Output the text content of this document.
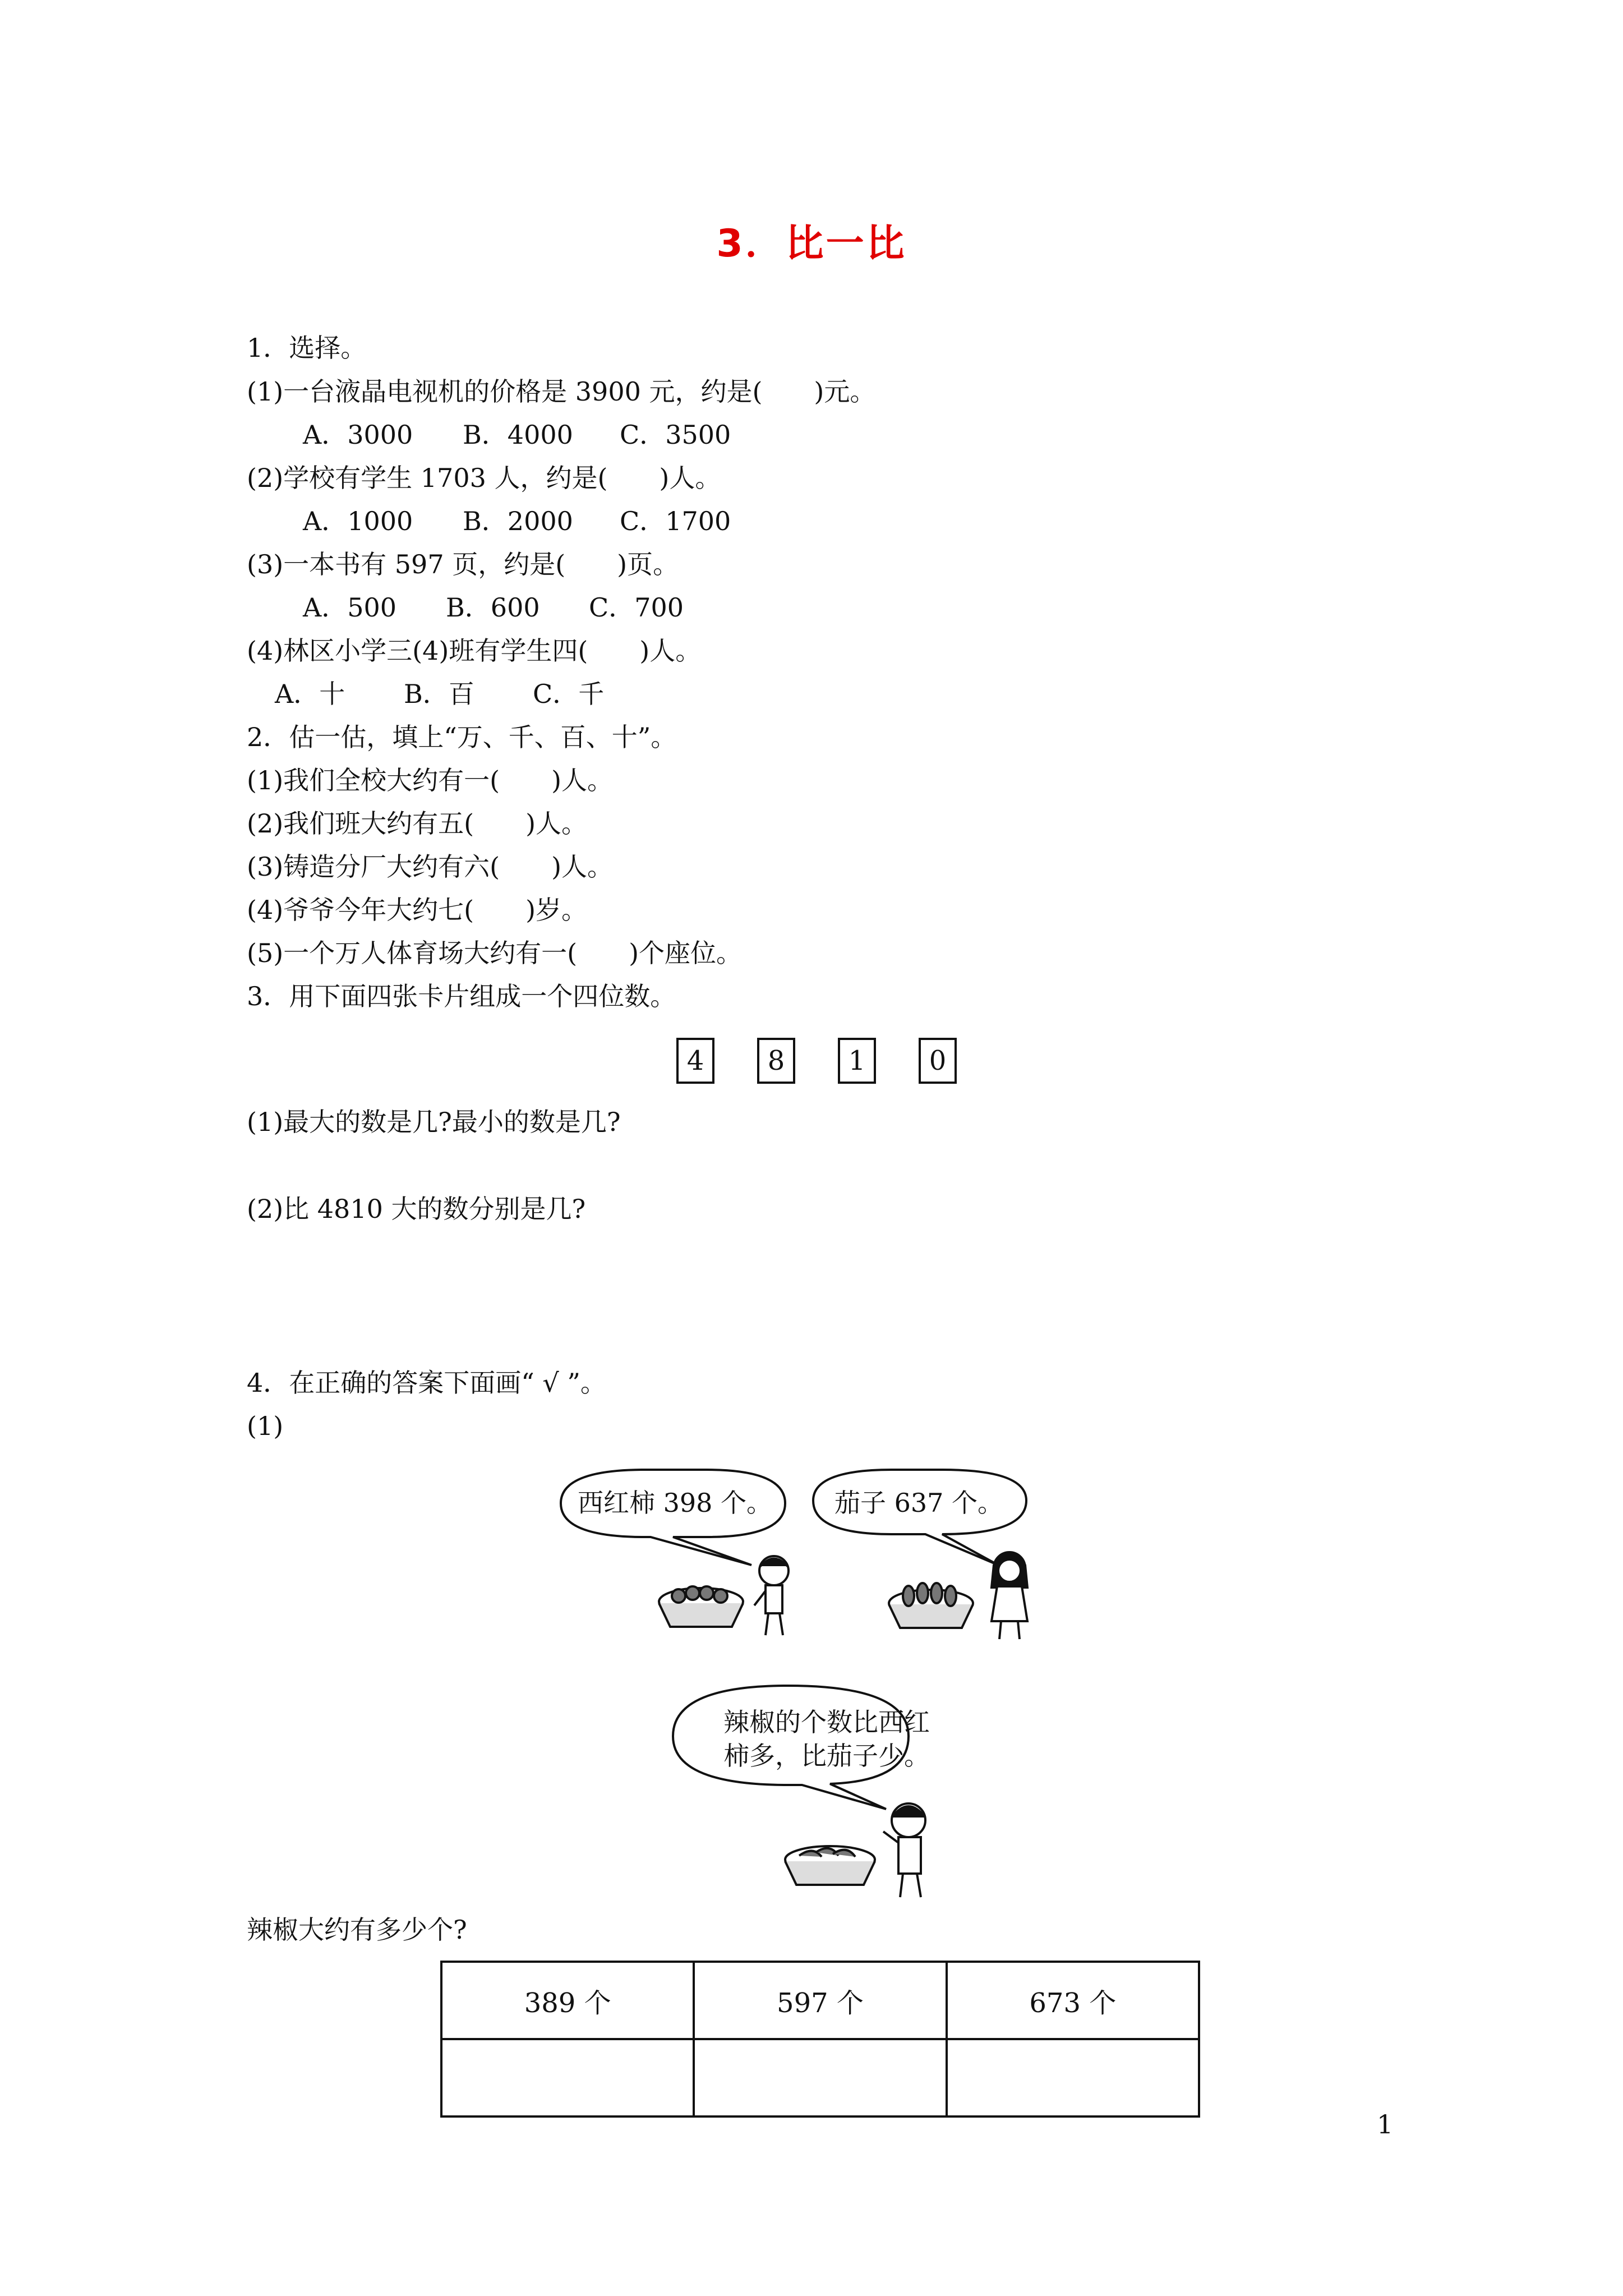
3．比一比
1．选择。
(1)一台液晶电视机的价格是 3900 元，约是(　　)元。
A．3000 B．4000 C．3500
(2)学校有学生 1703 人，约是(　　)人。
A．1000 B．2000 C．1700
(3)一本书有 597 页，约是(　　)页。
A．500 B．600 C．700
(4)林区小学三(4)班有学生四(　　)人。
A．十 B．百 C．千
2．估一估，填上“万、千、百、十”。
(1)我们全校大约有一(　　)人。
(2)我们班大约有五(　　)人。
(3)铸造分厂大约有六(　　)人。
(4)爷爷今年大约七(　　)岁。
(5)一个万人体育场大约有一(　　)个座位。
3．用下面四张卡片组成一个四位数。
4	8	1	0
(1)最大的数是几?最小的数是几?
(2)比 4810 大的数分别是几?
4．在正确的答案下面画“ √ ”。
(1)
西红柿 398 个。 茄子 637 个。
辣椒的个数比西红
柿多，比茄子少。
辣椒大约有多少个?
389 个	597 个	673 个

1
